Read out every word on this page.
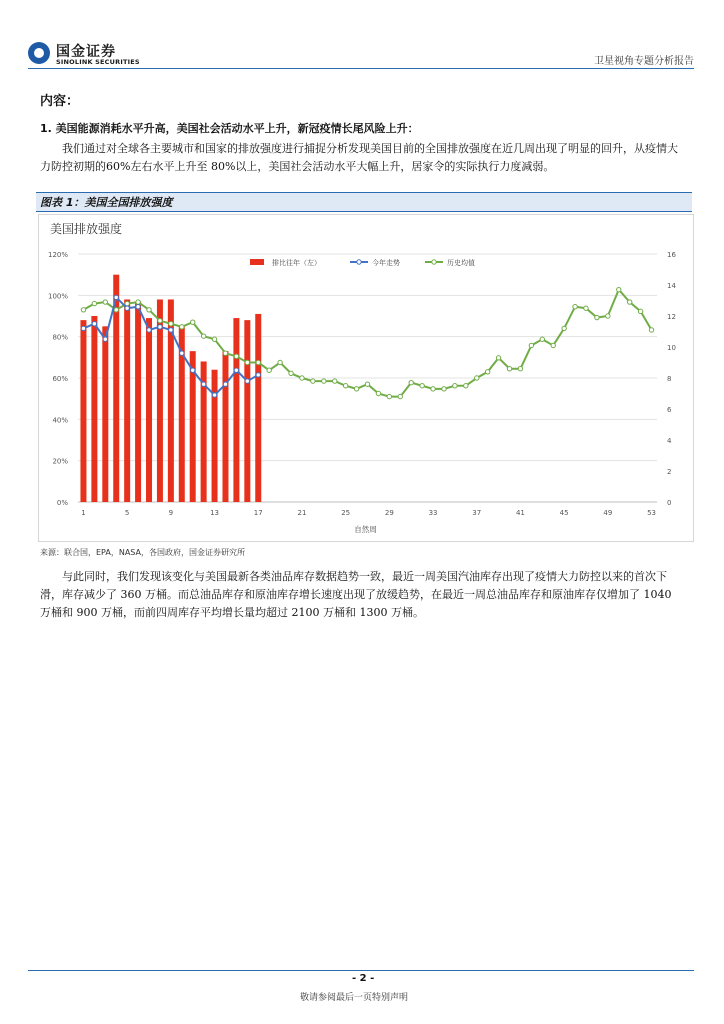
国金证券
SINOLINK SECURITIES	卫星视角专题分析报告
内容：
1. 美国能源消耗水平升高，美国社会活动水平上升，新冠疫情长尾风险上升：
我们通过对全球各主要城市和国家的排放强度进行捕捉分析发现美国目前的全国排放强度在近几周出现了明显的回升，从疫情大力防控初期的60%左右水平上升至 80%以上，美国社会活动水平大幅上升，居家令的实际执行力度减弱。
图表 1：美国全国排放强度
美国排放强度
0%
20%
40%
60%
80%
100%
120%
0
2
4
6
8
10
12
14
16
1	5	9	13	17	21	25	29	33	37	41	45	49	53
自然周
排比往年（左）	今年走势	历史均值
来源：联合国，EPA，NASA，各国政府，国金证券研究所
与此同时，我们发现该变化与美国最新各类油品库存数据趋势一致，最近一周美国汽油库存出现了疫情大力防控以来的首次下滑，库存减少了 360 万桶。而总油品库存和原油库存增长速度出现了放缓趋势，在最近一周总油品库存和原油库存仅增加了 1040 万桶和 900 万桶，而前四周库存平均增长量均超过 2100 万桶和 1300 万桶。
- 2 -
敬请参阅最后一页特别声明
